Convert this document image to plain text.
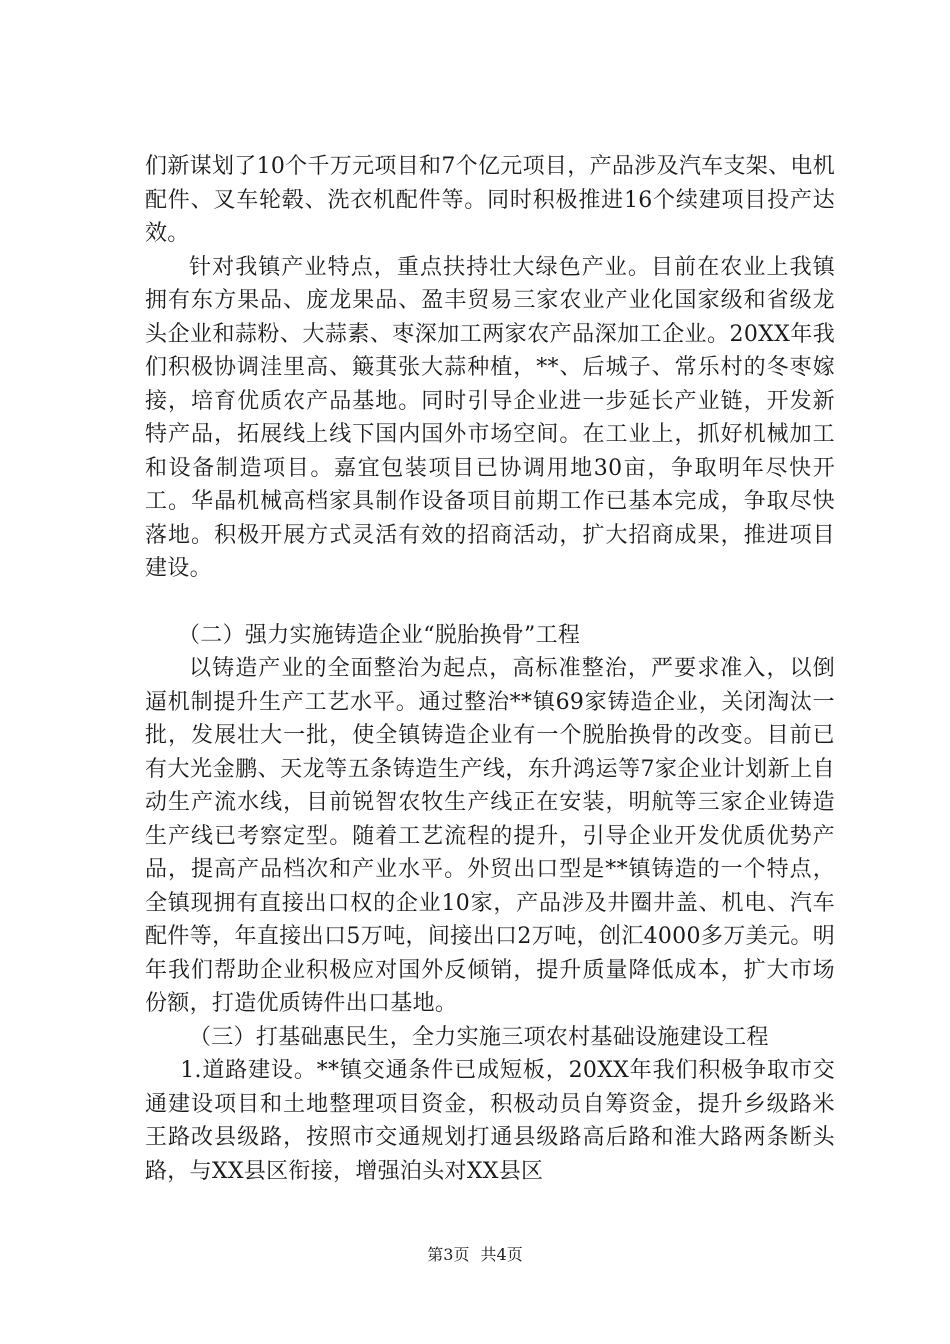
们新谋划了10个千万元项目和7个亿元项目，产品涉及汽车支架、电机配件、叉车轮毂、洗衣机配件等。同时积极推进16个续建项目投产达效。

针对我镇产业特点，重点扶持壮大绿色产业。目前在农业上我镇拥有东方果品、庞龙果品、盈丰贸易三家农业产业化国家级和省级龙头企业和蒜粉、大蒜素、枣深加工两家农产品深加工企业。20XX年我们积极协调洼里高、簸萁张大蒜种植，**、后城子、常乐村的冬枣嫁接，培育优质农产品基地。同时引导企业进一步延长产业链，开发新特产品，拓展线上线下国内国外市场空间。在工业上，抓好机械加工和设备制造项目。嘉宜包装项目已协调用地30亩，争取明年尽快开工。华晶机械高档家具制作设备项目前期工作已基本完成，争取尽快落地。积极开展方式灵活有效的招商活动，扩大招商成果，推进项目建设。

（二）强力实施铸造企业“脱胎换骨”工程

以铸造产业的全面整治为起点，高标准整治，严要求准入，以倒逼机制提升生产工艺水平。通过整治**镇69家铸造企业，关闭淘汰一批，发展壮大一批，使全镇铸造企业有一个脱胎换骨的改变。目前已有大光金鹏、天龙等五条铸造生产线，东升鸿运等7家企业计划新上自动生产流水线，目前锐智农牧生产线正在安装，明航等三家企业铸造生产线已考察定型。随着工艺流程的提升，引导企业开发优质优势产品，提高产品档次和产业水平。外贸出口型是**镇铸造的一个特点，全镇现拥有直接出口权的企业10家，产品涉及井圈井盖、机电、汽车配件等，年直接出口5万吨，间接出口2万吨，创汇4000多万美元。明年我们帮助企业积极应对国外反倾销，提升质量降低成本，扩大市场份额，打造优质铸件出口基地。

（三）打基础惠民生，全力实施三项农村基础设施建设工程

1.道路建设。**镇交通条件已成短板，20XX年我们积极争取市交通建设项目和土地整理项目资金，积极动员自筹资金，提升乡级路米王路改县级路，按照市交通规划打通县级路高后路和淮大路两条断头路，与XX县区衔接，增强泊头对XX县区

第3页 共4页
